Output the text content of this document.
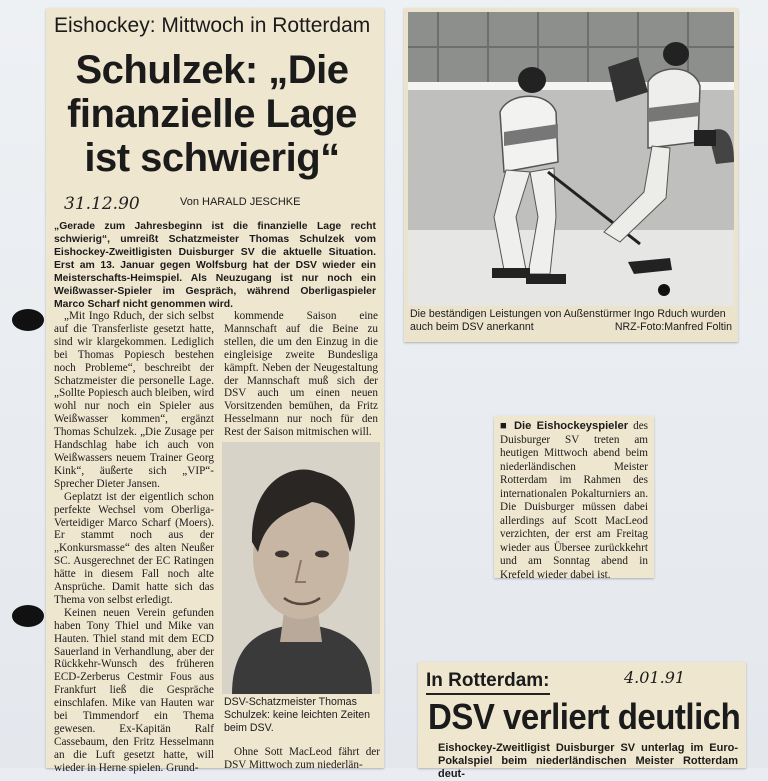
Eishockey: Mittwoch in Rotterdam
Schulzek: „Die
finanzielle Lage
ist schwierig“
31.12.90	Von HARALD JESCHKE
„Gerade zum Jahresbeginn ist die finanzielle Lage recht schwierig“, umreißt Schatzmeister Thomas Schulzek vom Eishockey-Zweitligisten Duisburger SV die aktuelle Situation. Erst am 13. Januar gegen Wolfsburg hat der DSV wieder ein Meisterschafts-Heimspiel. Als Neuzugang ist nur noch ein Weißwasser-Spieler im Gespräch, während Oberligaspieler Marco Scharf nicht genommen wird.

„Mit Ingo Rduch, der sich selbst auf die Transferliste gesetzt hatte, sind wir klargekommen. Lediglich bei Thomas Popiesch bestehen noch Probleme“, beschreibt der Schatzmeister die personelle Lage. „Sollte Popiesch auch bleiben, wird wohl nur noch ein Spieler aus Weißwasser kommen“, ergänzt Thomas Schulzek. „Die Zusage per Handschlag habe ich auch von Weißwassers neuem Trainer Georg Kink“, äußerte sich „VIP“-Sprecher Dieter Jansen.

Geplatzt ist der eigentlich schon perfekte Wechsel vom Oberliga-Verteidiger Marco Scharf (Moers). Er stammt noch aus der „Konkursmasse“ des alten Neußer SC. Ausgerechnet der EC Ratingen hätte in diesem Fall noch alte Ansprüche. Damit hatte sich das Thema von selbst erledigt.

Keinen neuen Verein gefunden haben Tony Thiel und Mike van Hauten. Thiel stand mit dem ECD Sauerland in Verhandlung, aber der Rückkehr-Wunsch des früheren ECD-Zerberus Cestmir Fous aus Frankfurt ließ die Gespräche einschlafen. Mike van Hauten war bei Timmendorf ein Thema gewesen. Ex-Kapitän Ralf Cassebaum, den Fritz Hesselmann an die Luft gesetzt hatte, will wieder in Herne spielen. Grund-

kommende Saison eine Mannschaft auf die Beine zu stellen, die um den Einzug in die eingleisige zweite Bundesliga kämpft. Neben der Neugestaltung der Mannschaft muß sich der DSV auch um einen neuen Vorsitzenden bemühen, da Fritz Hesselmann nur noch für den Rest der Saison mitmischen will.

DSV-Schatzmeister Thomas Schulzek: keine leichten Zeiten beim DSV.

Ohne Sott MacLeod fährt der DSV Mittwoch zum niederlän-

Die beständigen Leistungen von Außenstürmer Ingo Rduch wurden auch beim DSV anerkannt	NRZ-Foto:Manfred Foltin
■ Die Eishockeyspieler des Duisburger SV treten am heutigen Mittwoch abend beim niederländischen Meister Rotterdam im Rahmen des internationalen Pokalturniers an. Die Duisburger müssen dabei allerdings auf Scott MacLeod verzichten, der erst am Freitag wieder aus Übersee zurückkehrt und am Sonntag abend in Krefeld wieder dabei ist.
In Rotterdam:	4.01.91
DSV verliert deutlich
Eishockey-Zweitligist Duisburger SV unterlag im Euro-Pokalspiel beim niederländischen Meister Rotterdam deut-
